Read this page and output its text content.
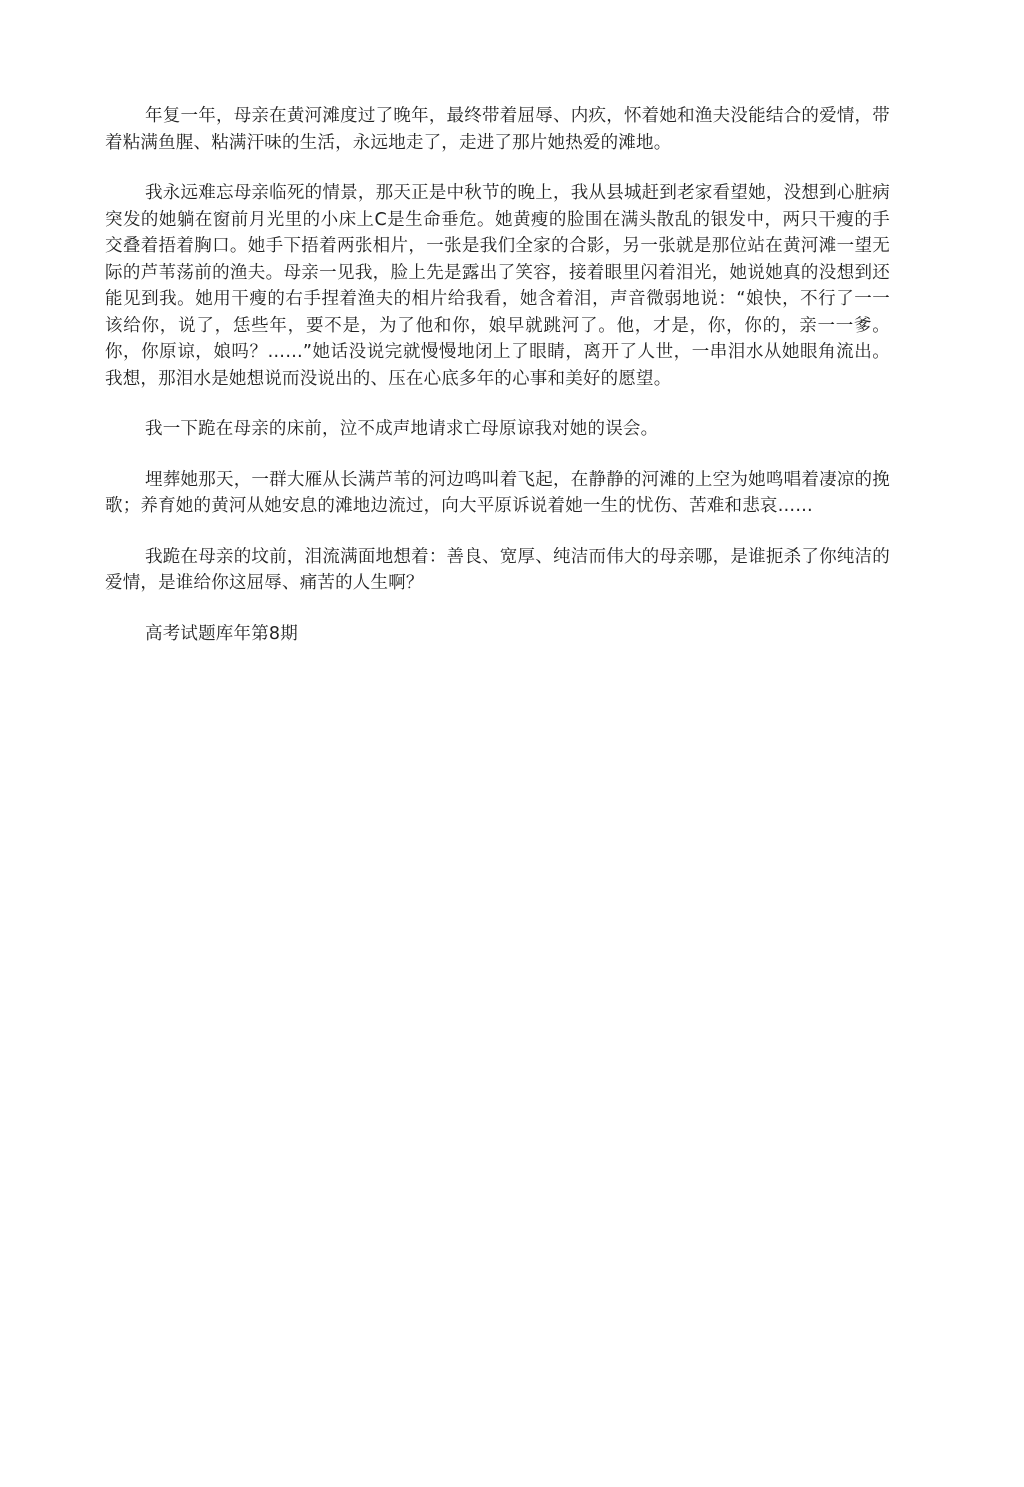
年复一年，母亲在黄河滩度过了晚年，最终带着屈辱、内疚，怀着她和渔夫没能结合的爱情，带着粘满鱼腥、粘满汗味的生活，永远地走了，走进了那片她热爱的滩地。

我永远难忘母亲临死的情景，那天正是中秋节的晚上，我从县城赶到老家看望她，没想到心脏病突发的她躺在窗前月光里的小床上C是生命垂危。她黄瘦的脸围在满头散乱的银发中，两只干瘦的手交叠着捂着胸口。她手下捂着两张相片，一张是我们全家的合影，另一张就是那位站在黄河滩一望无际的芦苇荡前的渔夫。母亲一见我，脸上先是露出了笑容，接着眼里闪着泪光，她说她真的没想到还能见到我。她用干瘦的右手捏着渔夫的相片给我看，她含着泪，声音微弱地说：“娘快，不行了一一该给你，说了，恁些年，要不是，为了他和你，娘早就跳河了。他，才是，你，你的，亲一一爹。你，你原谅，娘吗？……”她话没说完就慢慢地闭上了眼睛，离开了人世，一串泪水从她眼角流出。我想，那泪水是她想说而没说出的、压在心底多年的心事和美好的愿望。

我一下跪在母亲的床前，泣不成声地请求亡母原谅我对她的误会。

埋葬她那天，一群大雁从长满芦苇的河边鸣叫着飞起，在静静的河滩的上空为她鸣唱着凄凉的挽歌；养育她的黄河从她安息的滩地边流过，向大平原诉说着她一生的忧伤、苦难和悲哀……

我跪在母亲的坟前，泪流满面地想着：善良、宽厚、纯洁而伟大的母亲哪，是谁扼杀了你纯洁的爱情，是谁给你这屈辱、痛苦的人生啊？

高考试题库年第8期
